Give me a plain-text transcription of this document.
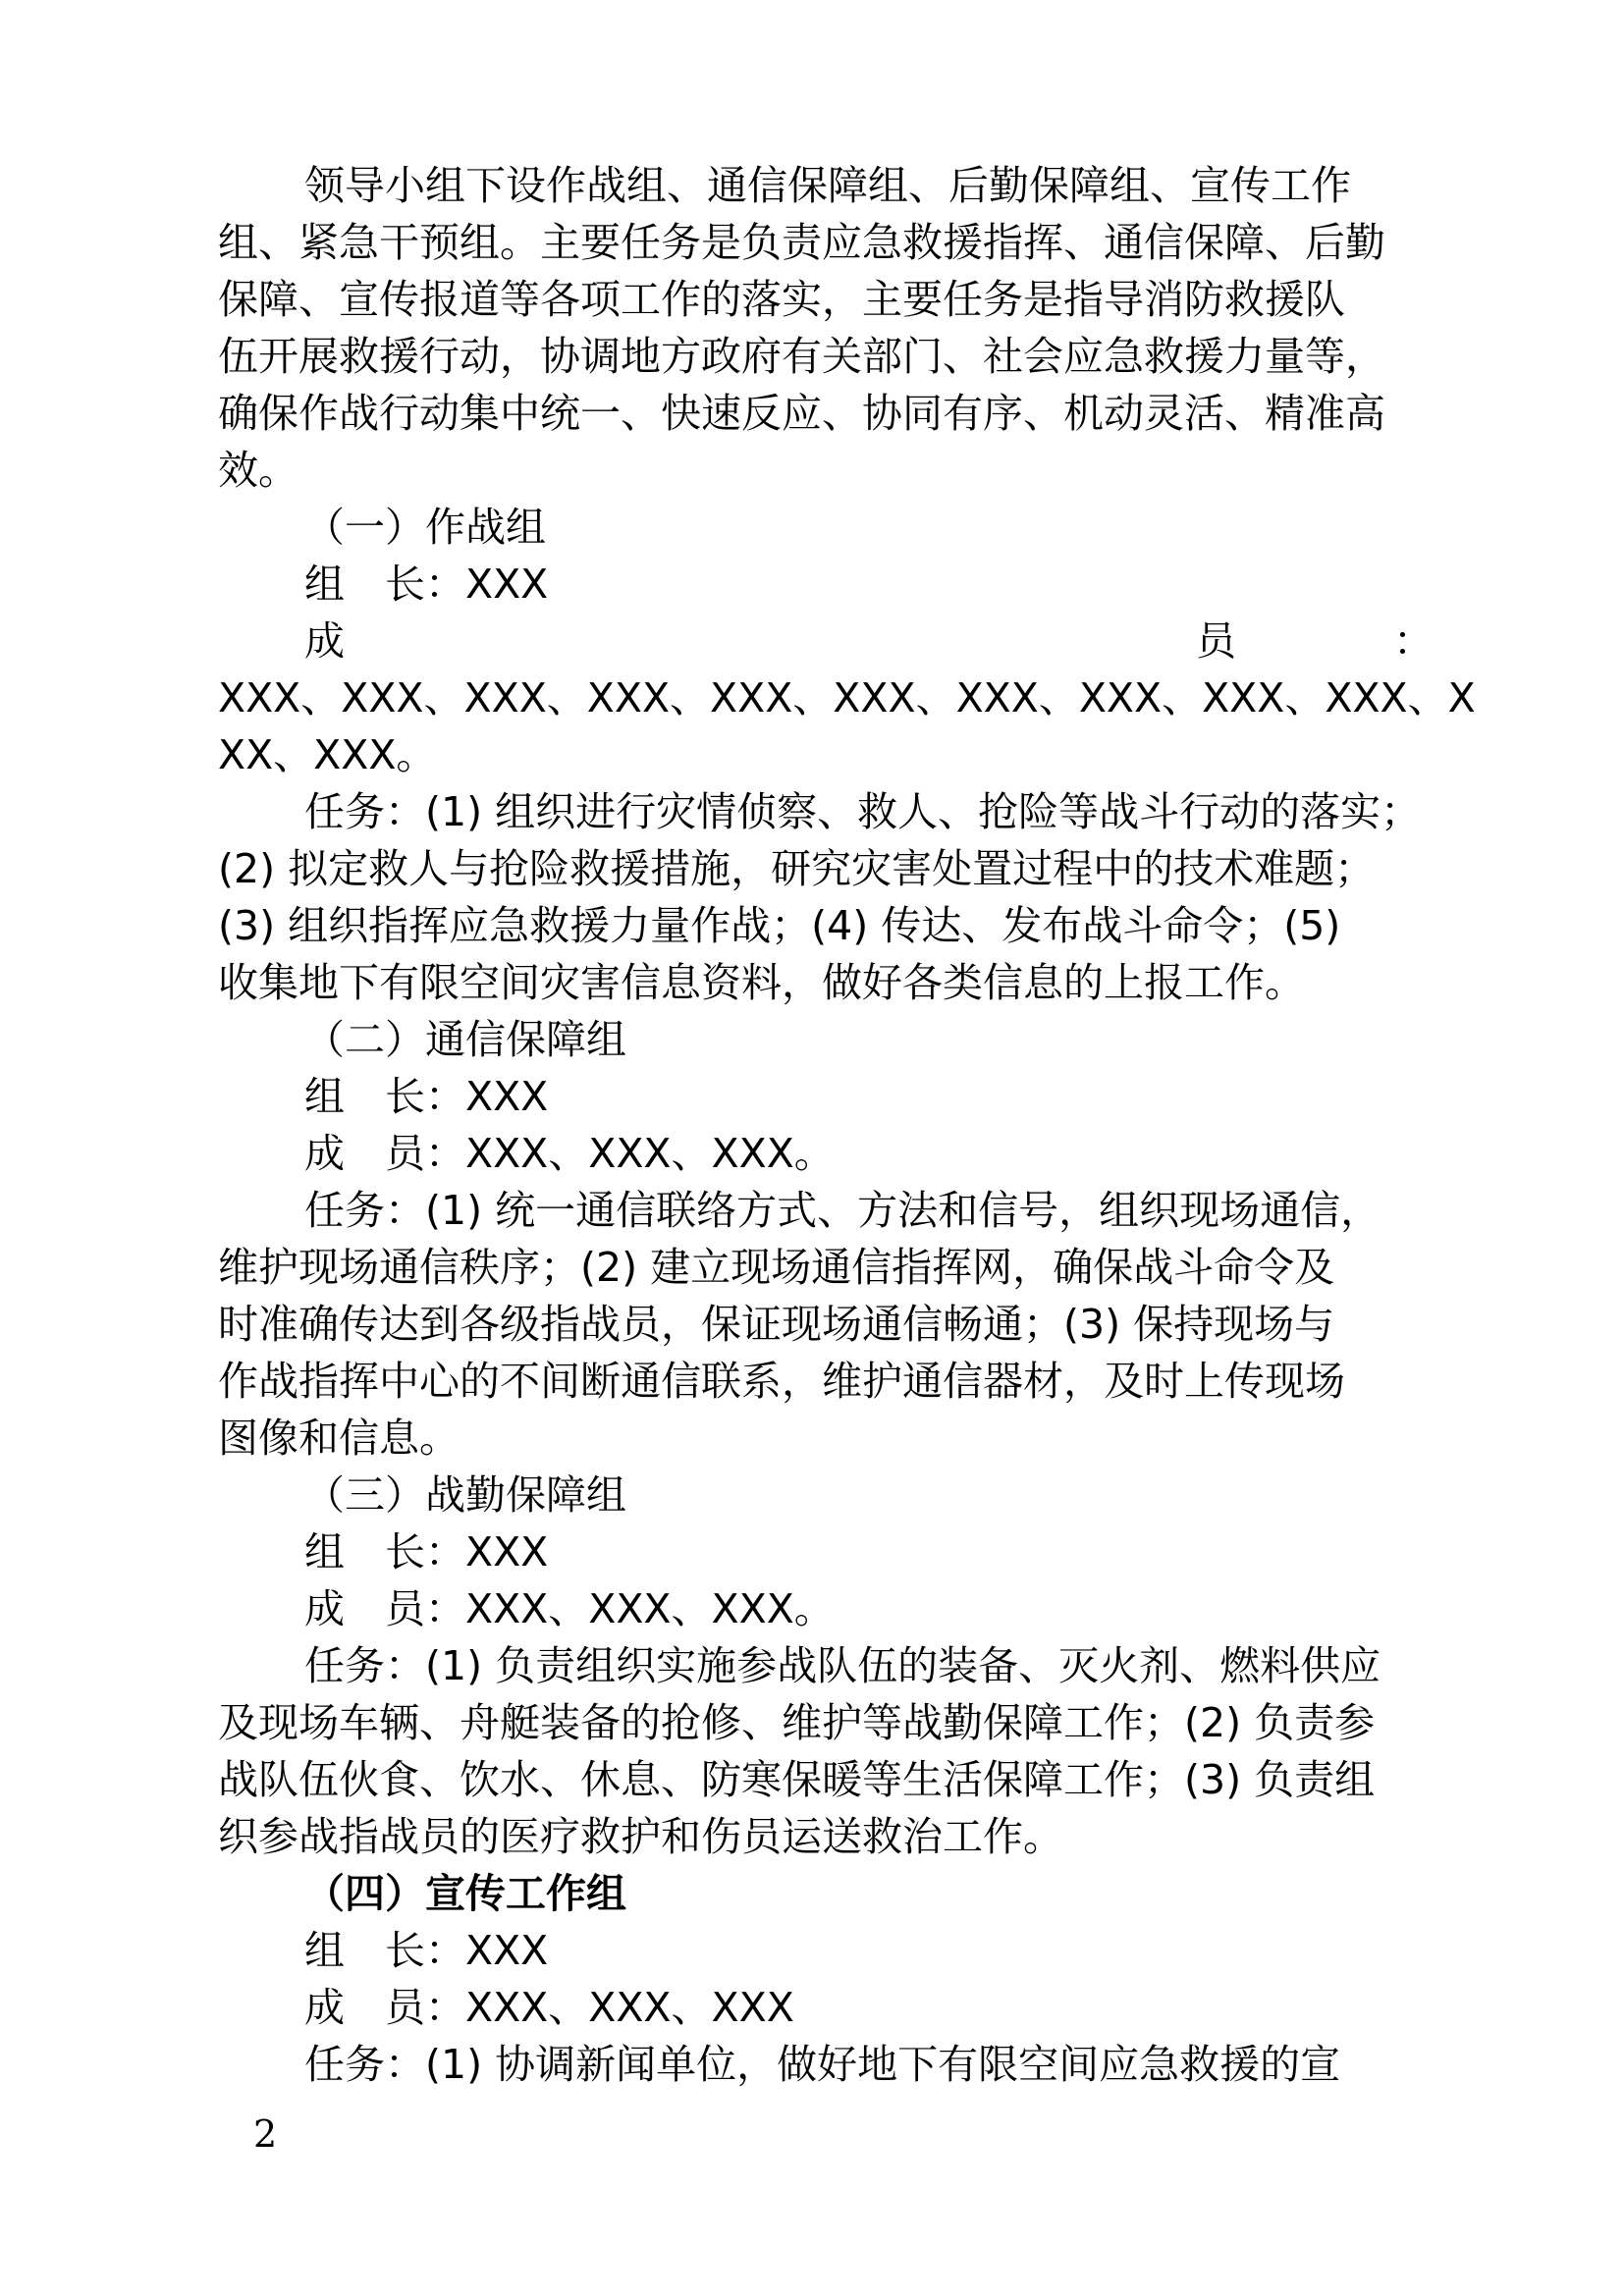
领导小组下设作战组、通信保障组、后勤保障组、宣传工作
组、紧急干预组。主要任务是负责应急救援指挥、通信保障、后勤
保障、宣传报道等各项工作的落实，主要任务是指导消防救援队
伍开展救援行动，协调地方政府有关部门、社会应急救援力量等，
确保作战行动集中统一、快速反应、协同有序、机动灵活、精准高
效。
（一）作战组
组　长：XXX
成	员	：
XXX、XXX、XXX、XXX、XXX、XXX、XXX、XXX、XXX、XXX、X
XX、XXX。
任务：(1) 组织进行灾情侦察、救人、抢险等战斗行动的落实；
(2) 拟定救人与抢险救援措施，研究灾害处置过程中的技术难题；
(3) 组织指挥应急救援力量作战；(4) 传达、发布战斗命令；(5)
收集地下有限空间灾害信息资料，做好各类信息的上报工作。
（二）通信保障组
组　长：XXX
成　员：XXX、XXX、XXX。
任务：(1) 统一通信联络方式、方法和信号，组织现场通信，
维护现场通信秩序；(2) 建立现场通信指挥网，确保战斗命令及
时准确传达到各级指战员，保证现场通信畅通；(3) 保持现场与
作战指挥中心的不间断通信联系，维护通信器材，及时上传现场
图像和信息。
（三）战勤保障组
组　长：XXX
成　员：XXX、XXX、XXX。
任务：(1) 负责组织实施参战队伍的装备、灭火剂、燃料供应
及现场车辆、舟艇装备的抢修、维护等战勤保障工作；(2) 负责参
战队伍伙食、饮水、休息、防寒保暖等生活保障工作；(3) 负责组
织参战指战员的医疗救护和伤员运送救治工作。
（四）宣传工作组
组　长：XXX
成　员：XXX、XXX、XXX
任务：(1) 协调新闻单位，做好地下有限空间应急救援的宣
2
